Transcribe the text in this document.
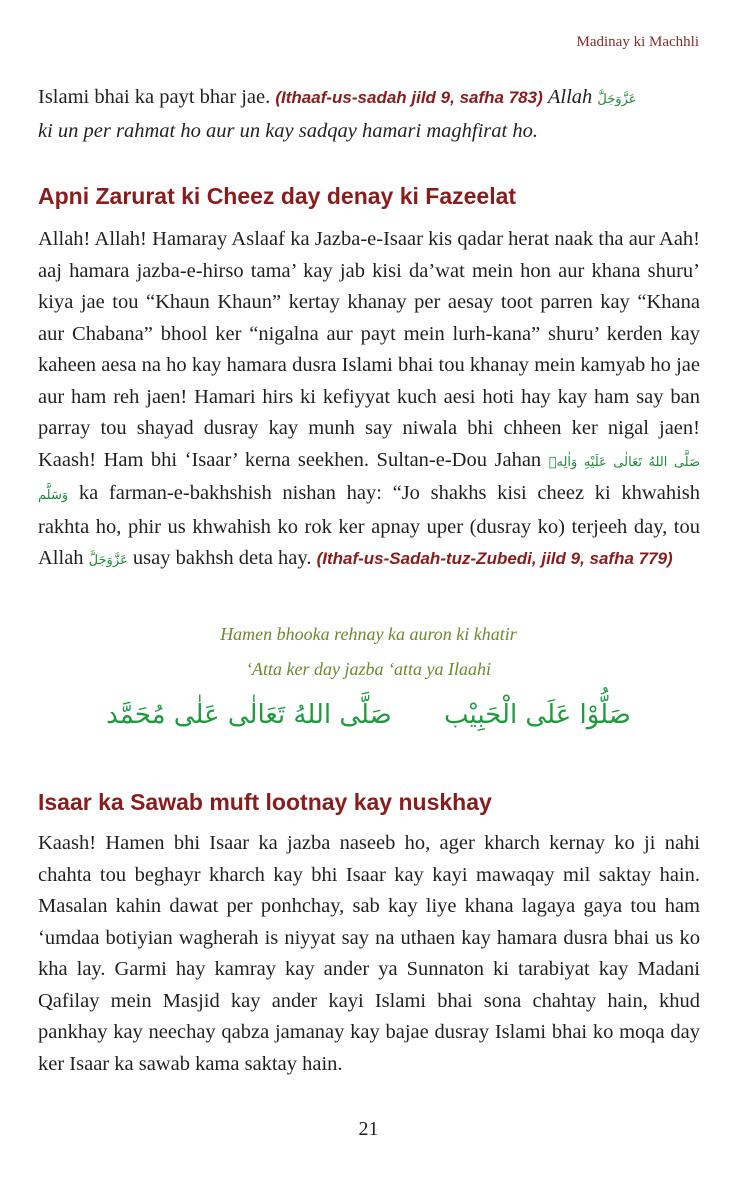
Madinay ki Machhli

Islami bhai ka payt bhar jae. (Ithaaf-us-sadah jild 9, safha 783) Allah عَزَّوَجَلَّ
ki un per rahmat ho aur un kay sadqay hamari maghfirat ho.

Apni Zarurat ki Cheez day denay ki Fazeelat

Allah! Allah! Hamaray Aslaaf ka Jazba-e-Isaar kis qadar herat naak tha aur Aah! aaj hamara jazba-e-hirso tama’ kay jab kisi da’wat mein hon aur khana shuru’ kiya jae tou “Khaun Khaun” kertay khanay per aesay toot parren kay “Khana aur Chabana” bhool ker “nigalna aur payt mein lurh-kana” shuru’ kerden kay kaheen aesa na ho kay hamara dusra Islami bhai tou khanay mein kamyab ho jae aur ham reh jaen! Hamari hirs ki kefiyyat kuch aesi hoti hay kay ham say ban parray tou shayad dusray kay munh say niwala bhi chheen ker nigal jaen! Kaash! Ham bhi ‘Isaar’ kerna seekhen. Sultan-e-Dou Jahan صَلَّى اللهُ تَعَالٰى عَلَيْهِ وَاٰلِهٖ وَسَلَّم ka farman-e-bakhshish nishan hay: “Jo shakhs kisi cheez ki khwahish rakhta ho, phir us khwahish ko rok ker apnay uper (dusray ko) terjeeh day, tou Allah عَزَّوَجَلَّ usay bakhsh deta hay. (Ithaf-us-Sadah-tuz-Zubedi, jild 9, safha 779)

Hamen bhooka rehnay ka auron ki khatir
‘Atta ker day jazba ‘atta ya Ilaahi
صَلُّوْا عَلَى الْحَبِيْب صَلَّى اللهُ تَعَالٰى عَلٰى مُحَمَّد
Isaar ka Sawab muft lootnay kay nuskhay

Kaash! Hamen bhi Isaar ka jazba naseeb ho, ager kharch kernay ko ji nahi chahta tou beghayr kharch kay bhi Isaar kay kayi mawaqay mil saktay hain. Masalan kahin dawat per ponhchay, sab kay liye khana lagaya gaya tou ham ‘umdaa botiyian wagherah is niyyat say na uthaen kay hamara dusra bhai us ko kha lay. Garmi hay kamray kay ander ya Sunnaton ki tarabiyat kay Madani Qafilay mein Masjid kay ander kayi Islami bhai sona chahtay hain, khud pankhay kay neechay qabza jamanay kay bajae dusray Islami bhai ko moqa day ker Isaar ka sawab kama saktay hain.

21
